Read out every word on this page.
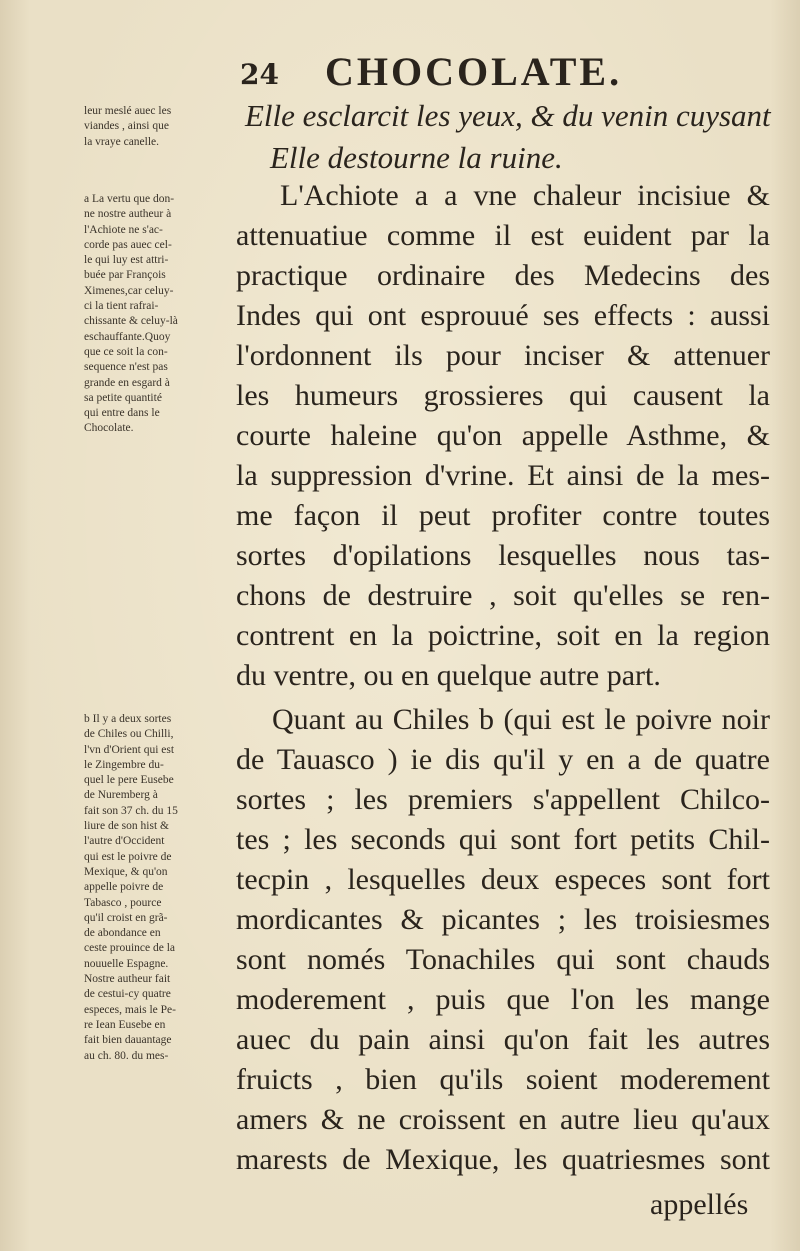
24 CHOCOLATE.
leur meslé auec les
viandes , ainsi que
la vraye canelle.
a La vertu que don-
ne nostre autheur à
l'Achiote ne s'ac-
corde pas auec cel-
le qui luy est attri-
buée par François
Ximenes,car celuy-
ci la tient rafrai-
chissante & celuy-là
eschauffante.Quoy
que ce soit la con-
sequence n'est pas
grande en esgard à
sa petite quantité
qui entre dans le
Chocolate.
b Il y a deux sortes
de Chiles ou Chilli,
l'vn d'Orient qui est
le Zingembre du-
quel le pere Eusebe
de Nuremberg à
fait son 37 ch. du 15
liure de son hist &
l'autre d'Occident
qui est le poivre de
Mexique, & qu'on
appelle poivre de
Tabasco , pource
qu'il croist en grã-
de abondance en
ceste prouince de la
nouuelle Espagne.
Nostre autheur fait
de cestui-cy quatre
especes, mais le Pe-
re Iean Eusebe en
fait bien dauantage
au ch. 80. du mes-
Elle esclarcit les yeux, & du venin cuysant
Elle destourne la ruine.
L'Achiote a a vne chaleur incisiue &
attenuatiue comme il est euident par la
practique ordinaire des Medecins des
Indes qui ont esprouué ses effects : aussi
l'ordonnent ils pour inciser & attenuer
les humeurs grossieres qui causent la
courte haleine qu'on appelle Asthme, &
la suppression d'vrine. Et ainsi de la mes-
me façon il peut profiter contre toutes
sortes d'opilations lesquelles nous tas-
chons de destruire , soit qu'elles se ren-
contrent en la poictrine, soit en la region
du ventre, ou en quelque autre part.
Quant au Chiles b (qui est le poivre noir
de Tauasco ) ie dis qu'il y en a de quatre
sortes ; les premiers s'appellent Chilco-
tes ; les seconds qui sont fort petits Chil-
tecpin , lesquelles deux especes sont fort
mordicantes & picantes ; les troisiesmes
sont només Tonachiles qui sont chauds
moderement , puis que l'on les mange
auec du pain ainsi qu'on fait les autres
fruicts , bien qu'ils soient moderement
amers & ne croissent en autre lieu qu'aux
marests de Mexique, les quatriesmes sont
appellés
